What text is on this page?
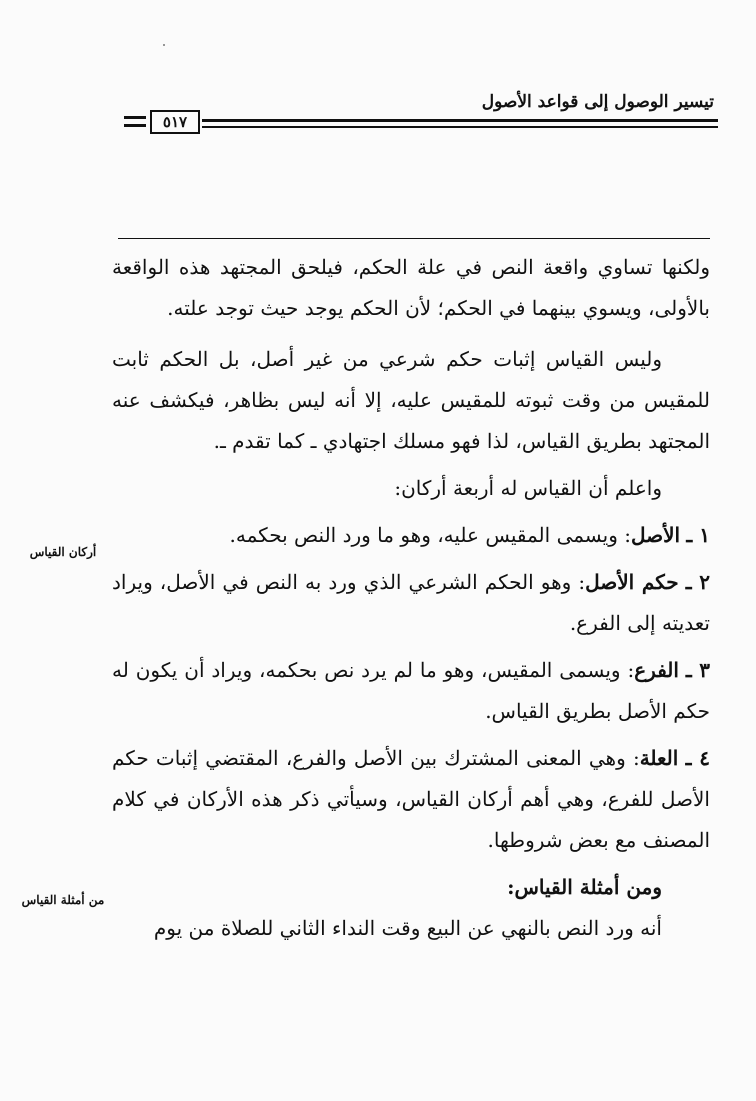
تيسير الوصول إلى قواعد الأصول
٥١٧

ولكنها تساوي واقعة النص في علة الحكم، فيلحق المجتهد هذه الواقعة بالأولى، ويسوي بينهما في الحكم؛ لأن الحكم يوجد حيث توجد علته.

وليس القياس إثبات حكم شرعي من غير أصل، بل الحكم ثابت للمقيس من وقت ثبوته للمقيس عليه، إلا أنه ليس بظاهر، فيكشف عنه المجتهد بطريق القياس، لذا فهو مسلك اجتهادي ـ كما تقدم ـ.

واعلم أن القياس له أربعة أركان:

١ ـ الأصل: ويسمى المقيس عليه، وهو ما ورد النص بحكمه.

٢ ـ حكم الأصل: وهو الحكم الشرعي الذي ورد به النص في الأصل، ويراد تعديته إلى الفرع.

٣ ـ الفرع: ويسمى المقيس، وهو ما لم يرد نص بحكمه، ويراد أن يكون له حكم الأصل بطريق القياس.

٤ ـ العلة: وهي المعنى المشترك بين الأصل والفرع، المقتضي إثبات حكم الأصل للفرع، وهي أهم أركان القياس، وسيأتي ذكر هذه الأركان في كلام المصنف مع بعض شروطها.

ومن أمثلة القياس:

أنه ورد النص بالنهي عن البيع وقت النداء الثاني للصلاة من يوم

أركان القياس
من أمثلة القياس
